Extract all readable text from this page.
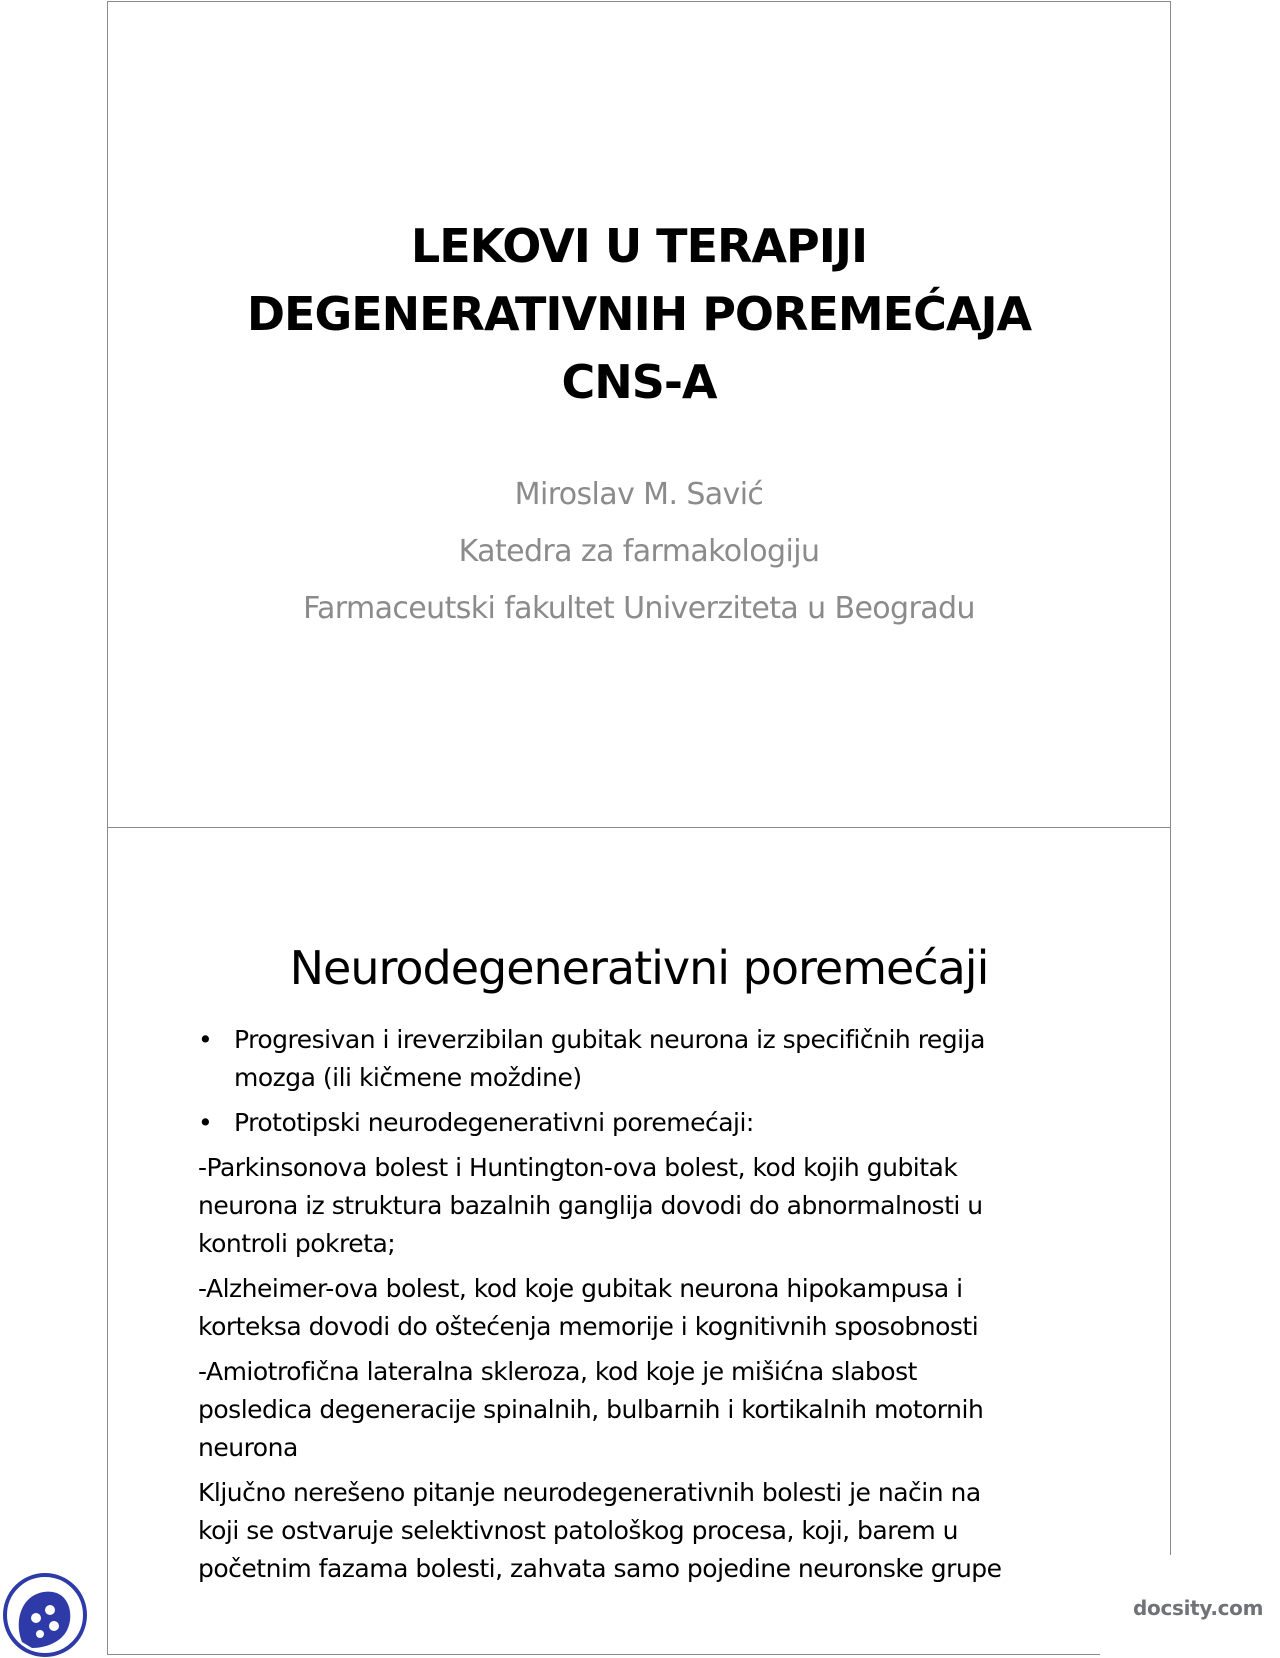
LEKOVI U TERAPIJI
DEGENERATIVNIH POREMEĆAJA
CNS-A
Miroslav M. Savić
Katedra za farmakologiju
Farmaceutski fakultet Univerziteta u Beogradu
Neurodegenerativni poremećaji
• Progresivan i ireverzibilan gubitak neurona iz specifičnih regija
mozga (ili kičmene moždine)
• Prototipski neurodegenerativni poremećaji:
-Parkinsonova bolest i Huntington-ova bolest, kod kojih gubitak
neurona iz struktura bazalnih ganglija dovodi do abnormalnosti u
kontroli pokreta;
-Alzheimer-ova bolest, kod koje gubitak neurona hipokampusa i
korteksa dovodi do oštećenja memorije i kognitivnih sposobnosti
-Amiotrofična lateralna skleroza, kod koje je mišićna slabost
posledica degeneracije spinalnih, bulbarnih i kortikalnih motornih
neurona
Ključno nerešeno pitanje neurodegenerativnih bolesti je način na
koji se ostvaruje selektivnost patološkog procesa, koji, barem u
početnim fazama bolesti, zahvata samo pojedine neuronske grupe
docsity.com
